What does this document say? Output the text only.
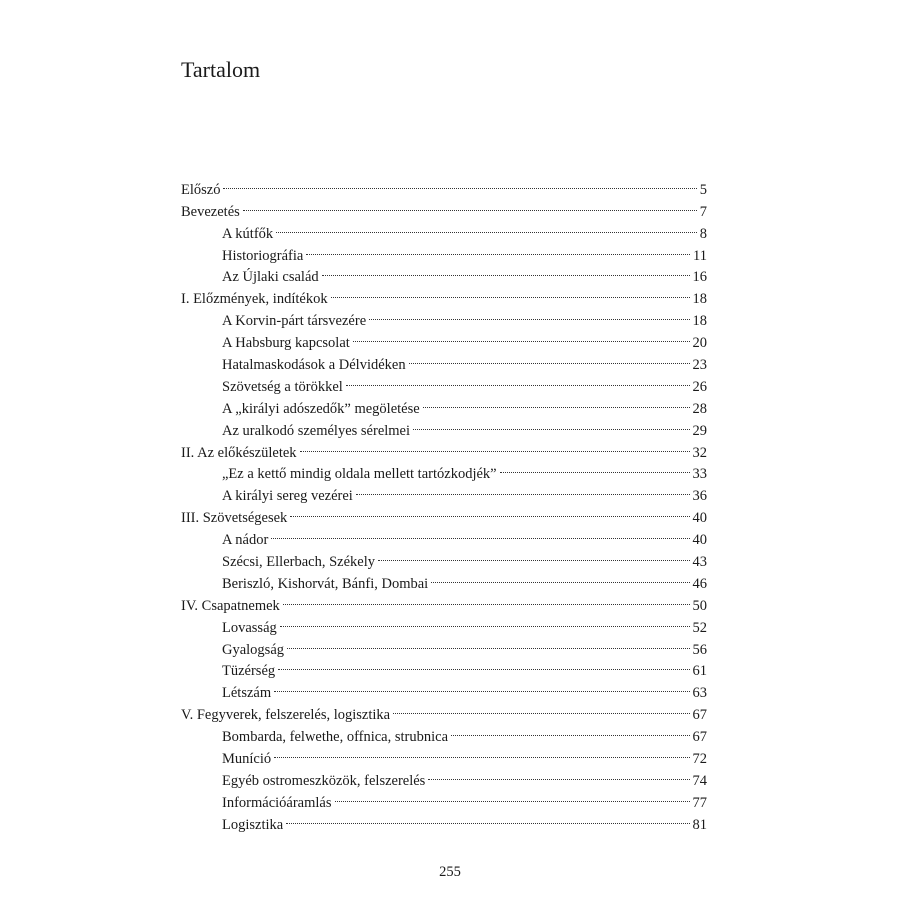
Tartalom
Előszó	5
Bevezetés	7
A kútfők	8
Historiográfia	11
Az Újlaki család	16
I. Előzmények, indítékok	18
A Korvin-párt társvezére	18
A Habsburg kapcsolat	20
Hatalmaskodások a Délvidéken	23
Szövetség a törökkel	26
A „királyi adószedők” megöletése	28
Az uralkodó személyes sérelmei	29
II. Az előkészületek	32
„Ez a kettő mindig oldala mellett tartózkodjék”	33
A királyi sereg vezérei	36
III. Szövetségesek	40
A nádor	40
Szécsi, Ellerbach, Székely	43
Beriszló, Kishorvát, Bánfi, Dombai	46
IV. Csapatnemek	50
Lovasság	52
Gyalogság	56
Tüzérség	61
Létszám	63
V. Fegyverek, felszerelés, logisztika	67
Bombarda, felwethe, offnica, strubnica	67
Muníció	72
Egyéb ostromeszközök, felszerelés	74
Információáramlás	77
Logisztika	81
255
